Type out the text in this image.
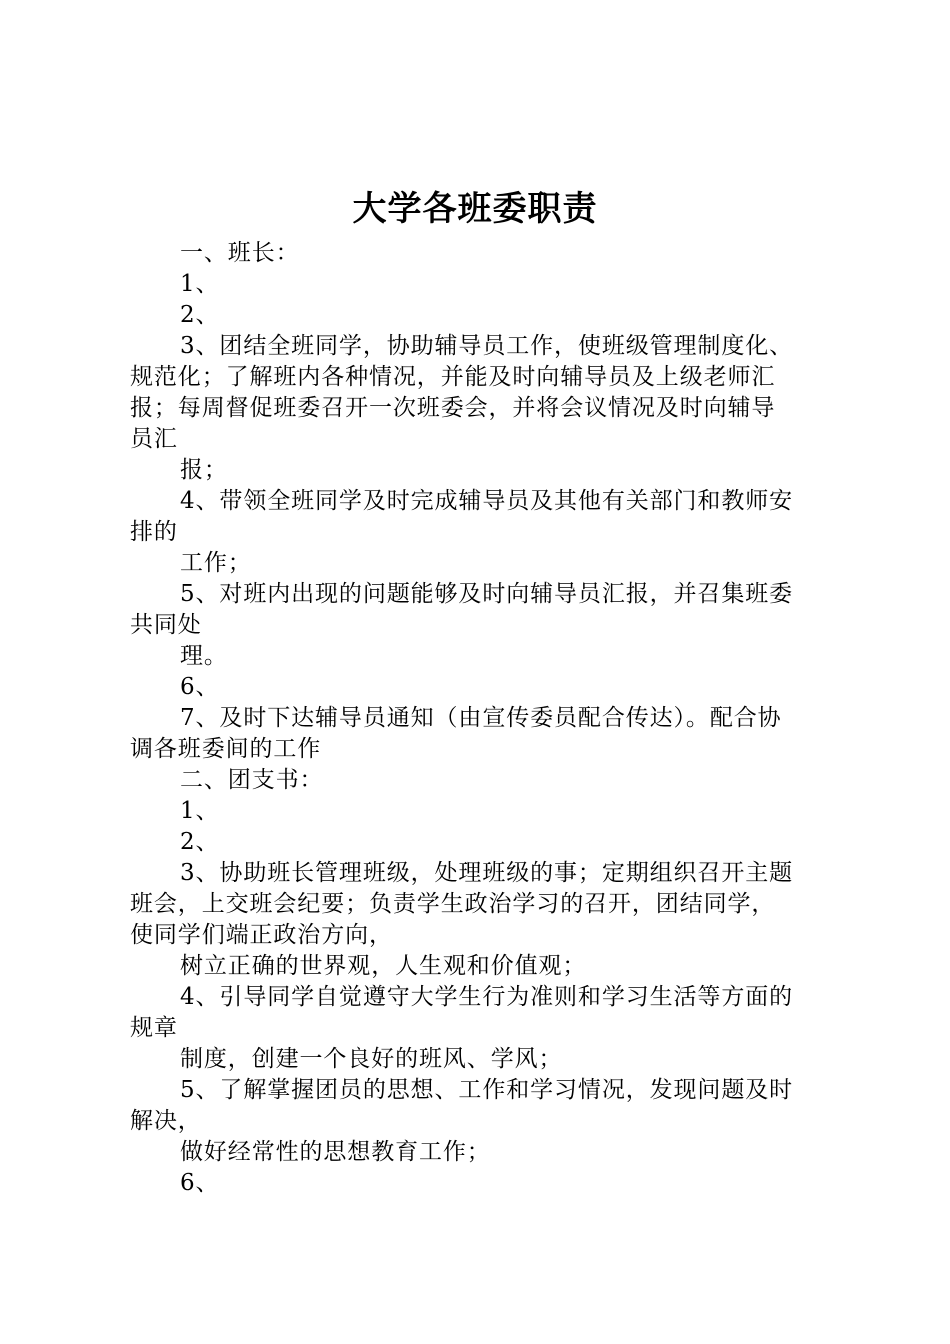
大学各班委职责
一、班长：
1、
2、
3、团结全班同学，协助辅导员工作，使班级管理制度化、
规范化；了解班内各种情况，并能及时向辅导员及上级老师汇
报；每周督促班委召开一次班委会，并将会议情况及时向辅导
员汇
报；
4、带领全班同学及时完成辅导员及其他有关部门和教师安
排的
工作；
5、对班内出现的问题能够及时向辅导员汇报，并召集班委
共同处
理。
6、
7、及时下达辅导员通知（由宣传委员配合传达）。配合协
调各班委间的工作
二、团支书：
1、
2、
3、协助班长管理班级，处理班级的事；定期组织召开主题
班会，上交班会纪要；负责学生政治学习的召开，团结同学，
使同学们端正政治方向，
树立正确的世界观，人生观和价值观；
4、引导同学自觉遵守大学生行为准则和学习生活等方面的
规章
制度，创建一个良好的班风、学风；
5、了解掌握团员的思想、工作和学习情况，发现问题及时
解决，
做好经常性的思想教育工作；
6、
